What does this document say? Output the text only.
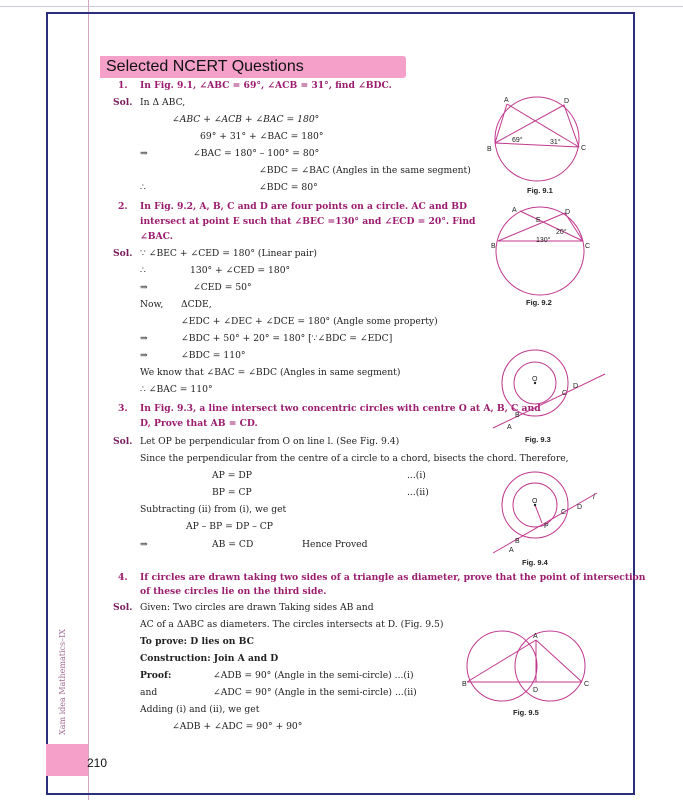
Selected NCERT Questions
1. In Fig. 9.1, ∠ABC = 69°, ∠ACB = 31°, find ∠BDC.
Sol. In Δ ABC,
∠ABC + ∠ACB + ∠BAC = 180°
69° + 31° + ∠BAC = 180°
⇒	∠BAC = 180° – 100° = 80°
∠BDC = ∠BAC (Angles in the same segment)
∴	∠BDC = 80°
2. In Fig. 9.2, A, B, C and D are four points on a circle. AC and BD
intersect at point E such that ∠BEC =130° and ∠ECD = 20°. Find
∠BAC.
Sol. ∵ ∠BEC + ∠CED = 180° (Linear pair)
∴	130° + ∠CED = 180°
⇒	∠CED = 50°
Now, ΔCDE,
∠EDC + ∠DEC + ∠DCE = 180° (Angle some property)
⇒	∠BDC + 50° + 20° = 180° [∵∠BDC = ∠EDC]
⇒	∠BDC = 110°
We know that ∠BAC = ∠BDC (Angles in same segment)
∴ ∠BAC = 110°
3. In Fig. 9.3, a line intersect two concentric circles with centre O at A, B, C and
D, Prove that AB = CD.
Sol. Let OP be perpendicular from O on line l. (See Fig. 9.4)
Since the perpendicular from the centre of a circle to a chord, bisects the chord. Therefore,
AP = DP	...(i)
BP = CP	...(ii)
Subtracting (ii) from (i), we get
AP – BP = DP – CP
⇒	AB = CD	Hence Proved
4. If circles are drawn taking two sides of a triangle as diameter, prove that the point of intersection
of these circles lie on the third side.
Sol. Given: Two circles are drawn Taking sides AB and
AC of a ΔABC as diameters. The circles intersects at D. (Fig. 9.5)
To prove: D lies on BC
Construction: Join A and D
Proof:	∠ADB = 90° (Angle in the semi-circle) ...(i)
and	∠ADC = 90° (Angle in the semi-circle) ...(ii)
Adding (i) and (ii), we get
∠ADB + ∠ADC = 90° + 90°
A	D
B	C
69°	31°
Fig. 9.1
A	D
E
B	C
20°
130°
Fig. 9.2
O
B
C
D
A
Fig. 9.3
O
P
B
A
C
D
l
Fig. 9.4
A
B	C
D
Fig. 9.5
Xam idea Mathematics–IX
210
